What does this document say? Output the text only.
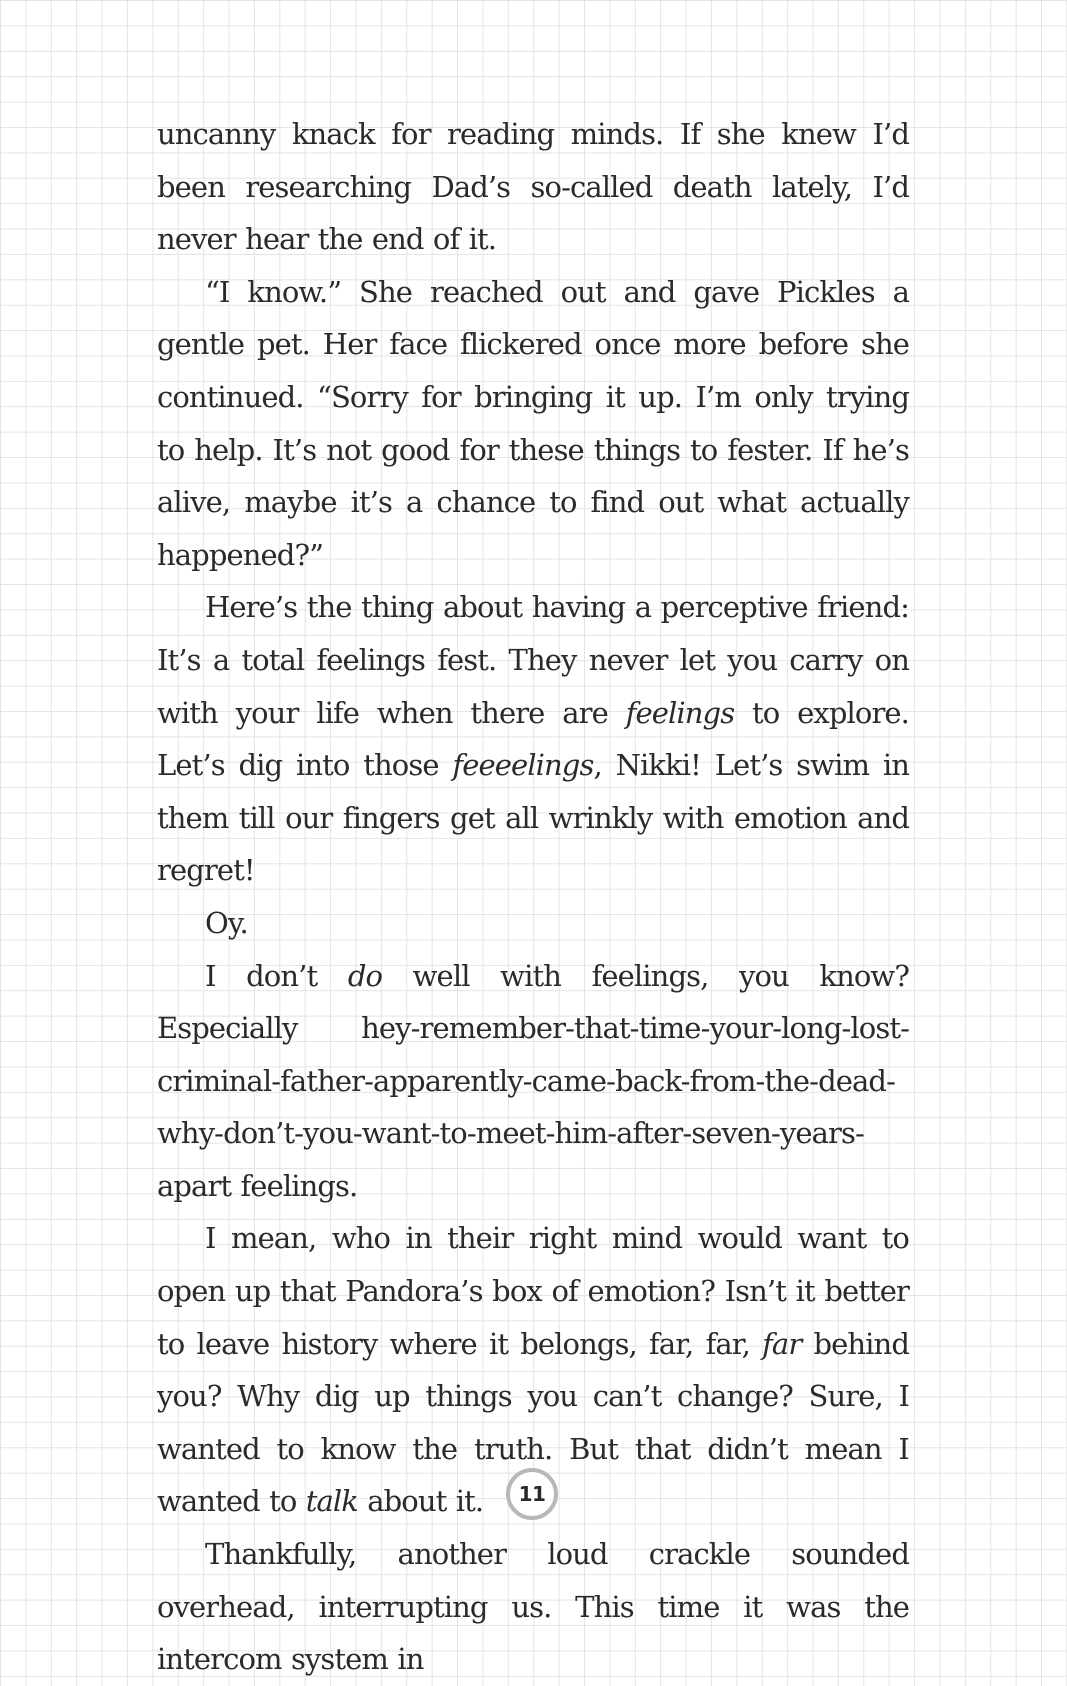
uncanny knack for reading minds. If she knew I’d been researching Dad’s so-called death lately, I’d never hear the end of it.

“I know.” She reached out and gave Pickles a gentle pet. Her face flickered once more before she continued. “Sorry for bringing it up. I’m only trying to help. It’s not good for these things to fester. If he’s alive, maybe it’s a chance to find out what actually happened?”

Here’s the thing about having a perceptive friend: It’s a total feelings fest. They never let you carry on with your life when there are feelings to explore. Let’s dig into those feeeelings, Nikki! Let’s swim in them till our fingers get all wrinkly with emotion and regret!

Oy.

I don’t do well with feelings, you know? Especially hey-remember-that-time-your-long-lost-criminal-father-apparently-came-back-from-the-dead-why-don’t-you-want-to-meet-him-after-seven-years-apart feelings.

I mean, who in their right mind would want to open up that Pandora’s box of emotion? Isn’t it better to leave history where it belongs, far, far, far behind you? Why dig up things you can’t change? Sure, I wanted to know the truth. But that didn’t mean I wanted to talk about it.

Thankfully, another loud crackle sounded overhead, interrupting us. This time it was the intercom system in

11
